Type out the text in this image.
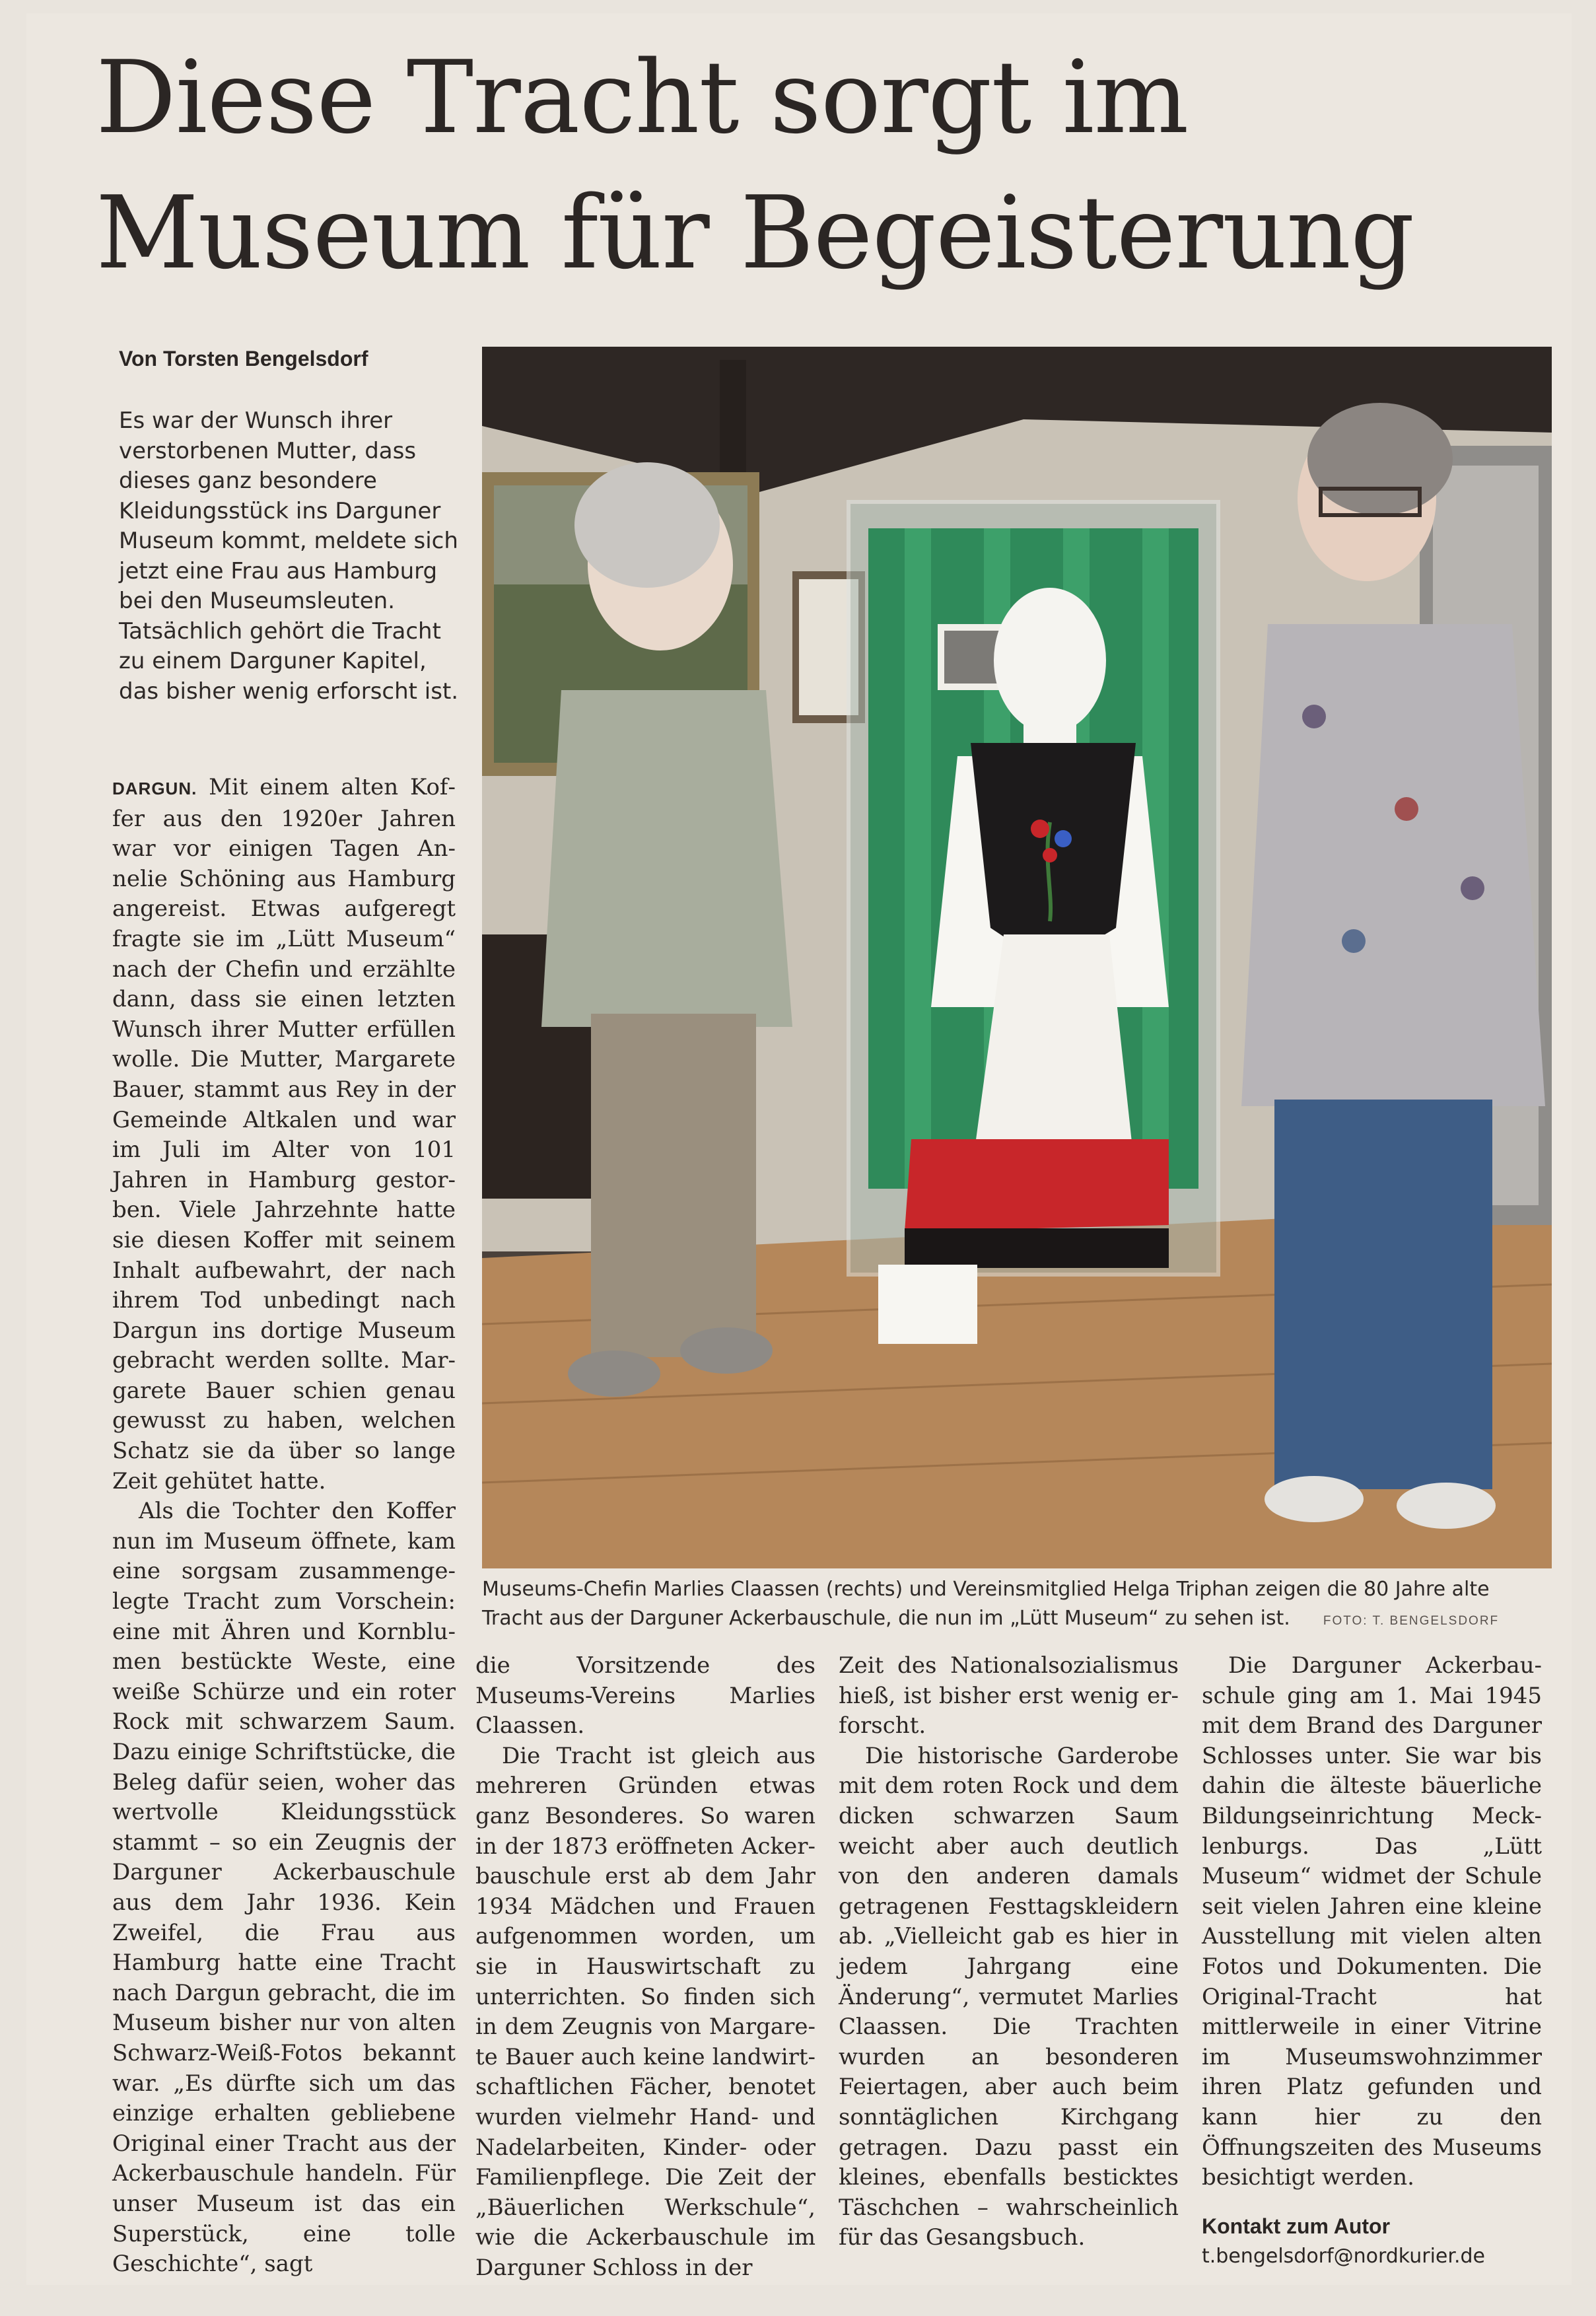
Diese Tracht sorgt im
Museum für Begeisterung
Von Torsten Bengelsdorf

Es war der Wunsch ihrer verstorbenen Mutter, dass dieses ganz besondere Kleidungsstück ins Darguner Museum kommt, meldete sich jetzt eine Frau aus Hamburg bei den Museumsleuten. Tatsächlich gehört die Tracht zu einem Darguner Kapitel, das bisher wenig erforscht ist.

DARGUN. Mit einem alten Koffer aus den 1920er Jahren war vor einigen Tagen Annelie Schöning aus Hamburg angereist. Etwas aufgeregt fragte sie im „Lütt Museum“ nach der Chefin und erzählte dann, dass sie einen letzten Wunsch ihrer Mutter erfüllen wolle. Die Mutter, Margarete Bauer, stammt aus Rey in der Gemeinde Altkalen und war im Juli im Alter von 101 Jahren in Hamburg gestorben. Viele Jahrzehnte hatte sie diesen Koffer mit seinem Inhalt aufbewahrt, der nach ihrem Tod unbedingt nach Dargun ins dortige Museum gebracht werden sollte. Margarete Bauer schien genau gewusst zu haben, welchen Schatz sie da über so lange Zeit gehütet hatte.

Als die Tochter den Koffer nun im Museum öffnete, kam eine sorgsam zusammengelegte Tracht zum Vorschein: eine mit Ähren und Kornblumen bestückte Weste, eine weiße Schürze und ein roter Rock mit schwarzem Saum. Dazu einige Schriftstücke, die Beleg dafür seien, woher das wertvolle Kleidungsstück stammt – so ein Zeugnis der Darguner Ackerbauschule aus dem Jahr 1936. Kein Zweifel, die Frau aus Hamburg hatte eine Tracht nach Dargun gebracht, die im Museum bisher nur von alten Schwarz-Weiß-Fotos bekannt war. „Es dürfte sich um das einzige erhalten gebliebene Original einer Tracht aus der Ackerbauschule handeln. Für unser Museum ist das ein Superstück, eine tolle Geschichte“, sagt

Museums-Chefin Marlies Claassen (rechts) und Vereinsmitglied Helga Triphan zeigen die 80 Jahre alte Tracht aus der Darguner Ackerbauschule, die nun im „Lütt Museum“ zu sehen ist.	FOTO: T. BENGELSDORF

die Vorsitzende des Museums-Vereins Marlies Claassen.

Die Tracht ist gleich aus mehreren Gründen etwas ganz Besonderes. So waren in der 1873 eröffneten Ackerbauschule erst ab dem Jahr 1934 Mädchen und Frauen aufgenommen worden, um sie in Hauswirtschaft zu unterrichten. So finden sich in dem Zeugnis von Margarete Bauer auch keine landwirtschaftlichen Fächer, benotet wurden vielmehr Hand- und Nadelarbeiten, Kinder- oder Familienpflege. Die Zeit der „Bäuerlichen Werkschule“, wie die Ackerbauschule im Darguner Schloss in der

Zeit des Nationalsozialismus hieß, ist bisher erst wenig erforscht.

Die historische Garderobe mit dem roten Rock und dem dicken schwarzen Saum weicht aber auch deutlich von den anderen damals getragenen Festtagskleidern ab. „Vielleicht gab es hier in jedem Jahrgang eine Änderung“, vermutet Marlies Claassen. Die Trachten wurden an besonderen Feiertagen, aber auch beim sonntäglichen Kirchgang getragen. Dazu passt ein kleines, ebenfalls besticktes Täschchen – wahrscheinlich für das Gesangsbuch.

Die Darguner Ackerbauschule ging am 1. Mai 1945 mit dem Brand des Darguner Schlosses unter. Sie war bis dahin die älteste bäuerliche Bildungseinrichtung Mecklenburgs. Das „Lütt Museum“ widmet der Schule seit vielen Jahren eine kleine Ausstellung mit vielen alten Fotos und Dokumenten. Die Original-Tracht hat mittlerweile in einer Vitrine im Museumswohnzimmer ihren Platz gefunden und kann hier zu den Öffnungszeiten des Museums besichtigt werden.

Kontakt zum Autor

t.bengelsdorf@nordkurier.de
